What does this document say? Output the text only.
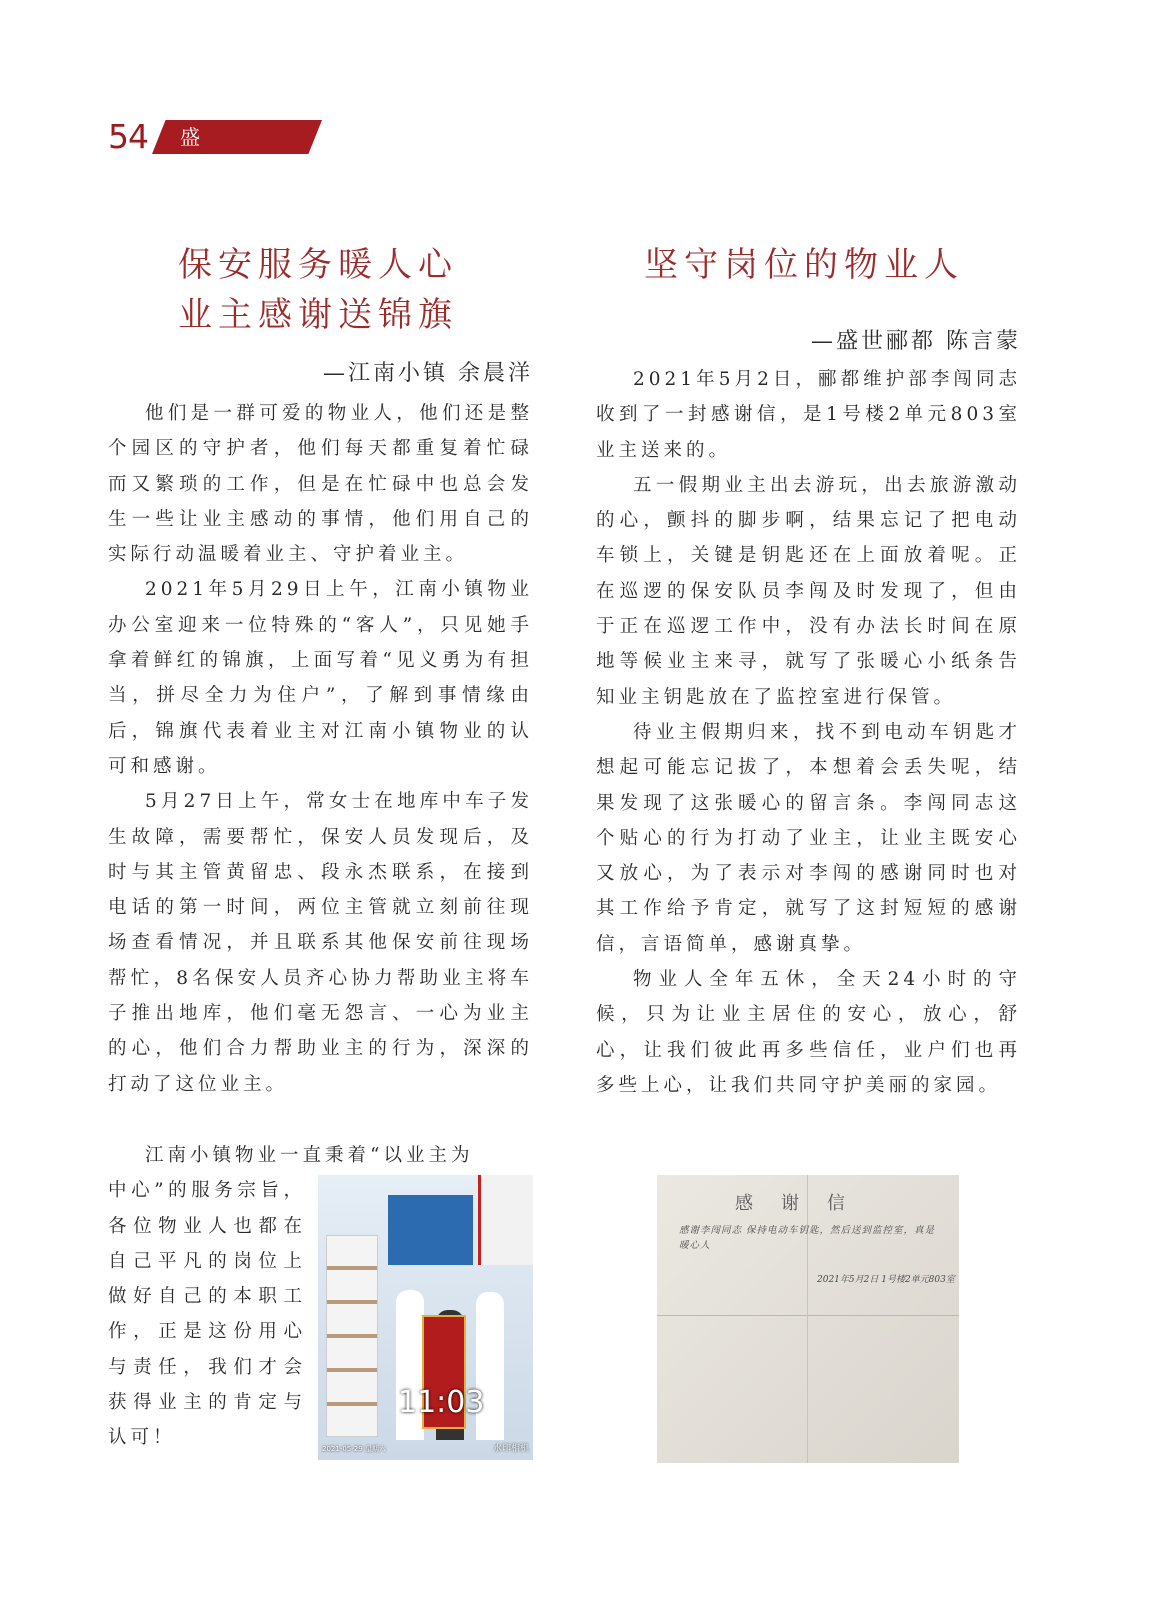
54 盛世物业
保安服务暖人心
业主感谢送锦旗
—江南小镇 余晨洋

他们是一群可爱的物业人，他们还是整个园区的守护者，他们每天都重复着忙碌而又繁琐的工作，但是在忙碌中也总会发生一些让业主感动的事情，他们用自己的实际行动温暖着业主、守护着业主。

2021年5月29日上午，江南小镇物业办公室迎来一位特殊的“客人”，只见她手拿着鲜红的锦旗，上面写着“见义勇为有担当，拼尽全力为住户”，了解到事情缘由后，锦旗代表着业主对江南小镇物业的认可和感谢。

5月27日上午，常女士在地库中车子发生故障，需要帮忙，保安人员发现后，及时与其主管黄留忠、段永杰联系，在接到电话的第一时间，两位主管就立刻前往现场查看情况，并且联系其他保安前往现场帮忙，8名保安人员齐心协力帮助业主将车子推出地库，他们毫无怨言、一心为业主的心，他们合力帮助业主的行为，深深的打动了这位业主。

江南小镇物业一直秉着“以业主为

中心”的服务宗旨，各位物业人也都在自己平凡的岗位上做好自己的本职工作，正是这份用心与责任，我们才会获得业主的肯定与认可！

11:03
2021-05-29 星期六	水印相机
坚守岗位的物业人
—盛世郦都 陈言蒙

2021年5月2日，郦都维护部李闯同志收到了一封感谢信，是1号楼2单元803室业主送来的。

五一假期业主出去游玩，出去旅游激动的心，颤抖的脚步啊，结果忘记了把电动车锁上，关键是钥匙还在上面放着呢。正在巡逻的保安队员李闯及时发现了，但由于正在巡逻工作中，没有办法长时间在原地等候业主来寻，就写了张暖心小纸条告知业主钥匙放在了监控室进行保管。

待业主假期归来，找不到电动车钥匙才想起可能忘记拔了，本想着会丢失呢，结果发现了这张暖心的留言条。李闯同志这个贴心的行为打动了业主，让业主既安心又放心，为了表示对李闯的感谢同时也对其工作给予肯定，就写了这封短短的感谢信，言语简单，感谢真挚。

物业人全年五休，全天24小时的守候，只为让业主居住的安心，放心，舒心，让我们彼此再多些信任，业户们也再多些上心，让我们共同守护美丽的家园。

感谢信
感谢李闯同志 保持电动车钥匙，然后送到监控室，真是暖心人
2021年5月2日 1号楼2单元803室
